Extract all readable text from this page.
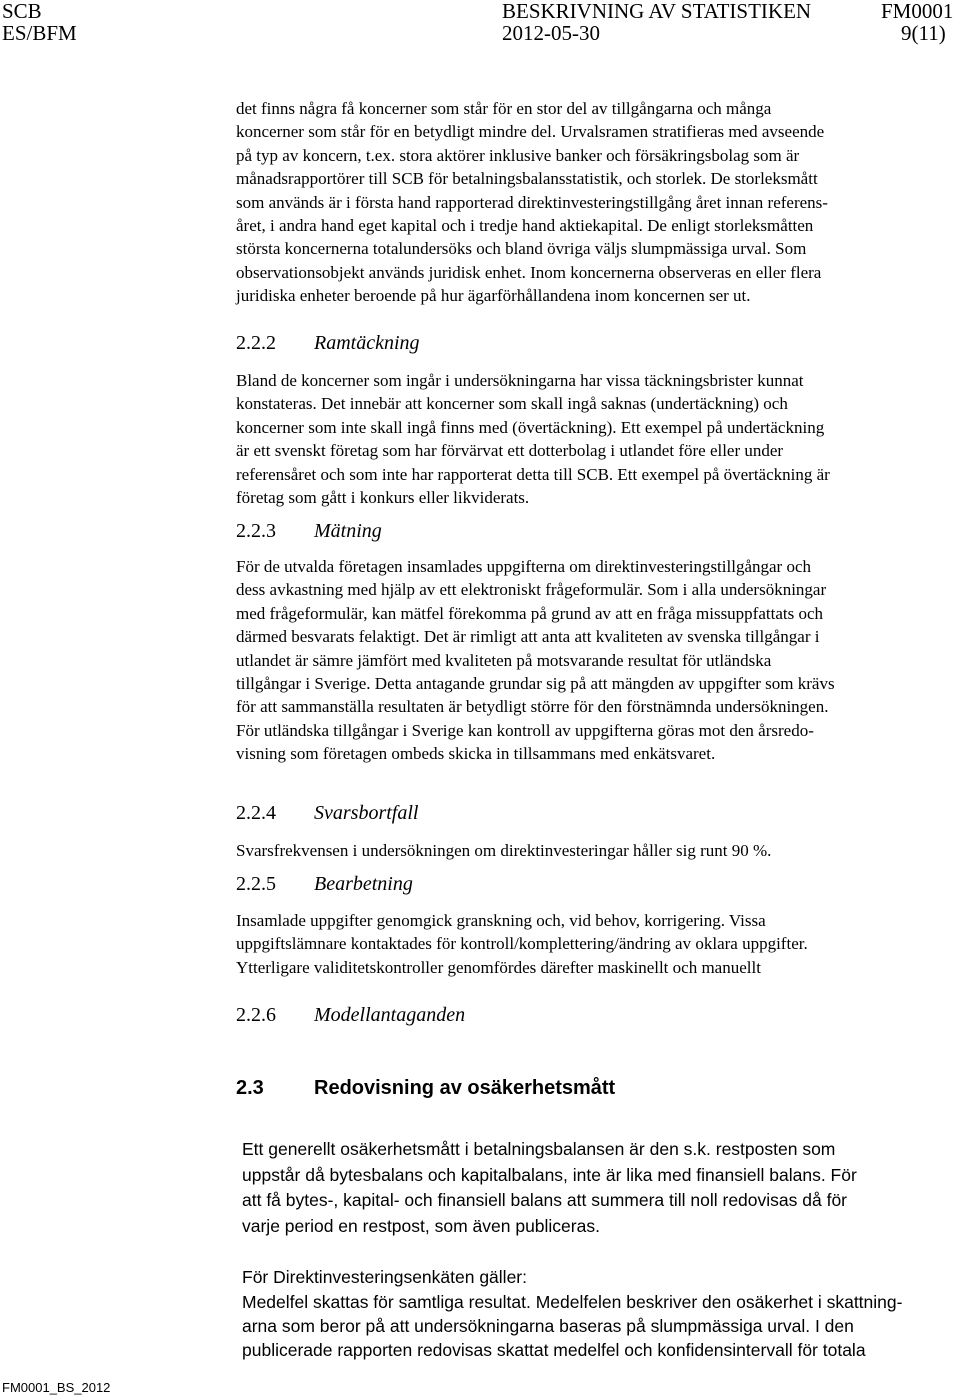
SCB
ES/BFM
BESKRIVNING AV STATISTIKEN
2012-05-30
FM0001
9(11)
det finns några få koncerner som står för en stor del av tillgångarna och många
koncerner som står för en betydligt mindre del. Urvalsramen stratifieras med avseende
på typ av koncern, t.ex. stora aktörer inklusive banker och försäkringsbolag som är
månadsrapportörer till SCB för betalningsbalansstatistik, och storlek. De storleksmått
som används är i första hand rapporterad direktinvesteringstillgång året innan referens-
året, i andra hand eget kapital och i tredje hand aktiekapital. De enligt storleksmåtten
största koncernerna totalundersöks och bland övriga väljs slumpmässiga urval. Som
observationsobjekt används juridisk enhet. Inom koncernerna observeras en eller flera
juridiska enheter beroende på hur ägarförhållandena inom koncernen ser ut.
2.2.2 Ramtäckning
Bland de koncerner som ingår i undersökningarna har vissa täckningsbrister kunnat
konstateras. Det innebär att koncerner som skall ingå saknas (undertäckning) och
koncerner som inte skall ingå finns med (övertäckning). Ett exempel på undertäckning
är ett svenskt företag som har förvärvat ett dotterbolag i utlandet före eller under
referensåret och som inte har rapporterat detta till SCB. Ett exempel på övertäckning är
företag som gått i konkurs eller likviderats.
2.2.3 Mätning
För de utvalda företagen insamlades uppgifterna om direktinvesteringstillgångar och
dess avkastning med hjälp av ett elektroniskt frågeformulär. Som i alla undersökningar
med frågeformulär, kan mätfel förekomma på grund av att en fråga missuppfattats och
därmed besvarats felaktigt. Det är rimligt att anta att kvaliteten av svenska tillgångar i
utlandet är sämre jämfört med kvaliteten på motsvarande resultat för utländska
tillgångar i Sverige. Detta antagande grundar sig på att mängden av uppgifter som krävs
för att sammanställa resultaten är betydligt större för den förstnämnda undersökningen.
För utländska tillgångar i Sverige kan kontroll av uppgifterna göras mot den årsredo-
visning som företagen ombeds skicka in tillsammans med enkätsvaret.
2.2.4 Svarsbortfall
Svarsfrekvensen i undersökningen om direktinvesteringar håller sig runt 90 %.
2.2.5 Bearbetning
Insamlade uppgifter genomgick granskning och, vid behov, korrigering. Vissa
uppgiftslämnare kontaktades för kontroll/komplettering/ändring av oklara uppgifter.
Ytterligare validitetskontroller genomfördes därefter maskinellt och manuellt
2.2.6 Modellantaganden
2.3	Redovisning av osäkerhetsmått
Ett generellt osäkerhetsmått i betalningsbalansen är den s.k. restposten som
uppstår då bytesbalans och kapitalbalans, inte är lika med finansiell balans. För
att få bytes-, kapital- och finansiell balans att summera till noll redovisas då för
varje period en restpost, som även publiceras.
För Direktinvesteringsenkäten gäller:
Medelfel skattas för samtliga resultat. Medelfelen beskriver den osäkerhet i skattning-
arna som beror på att undersökningarna baseras på slumpmässiga urval. I den
publicerade rapporten redovisas skattat medelfel och konfidensintervall för totala
FM0001_BS_2012
